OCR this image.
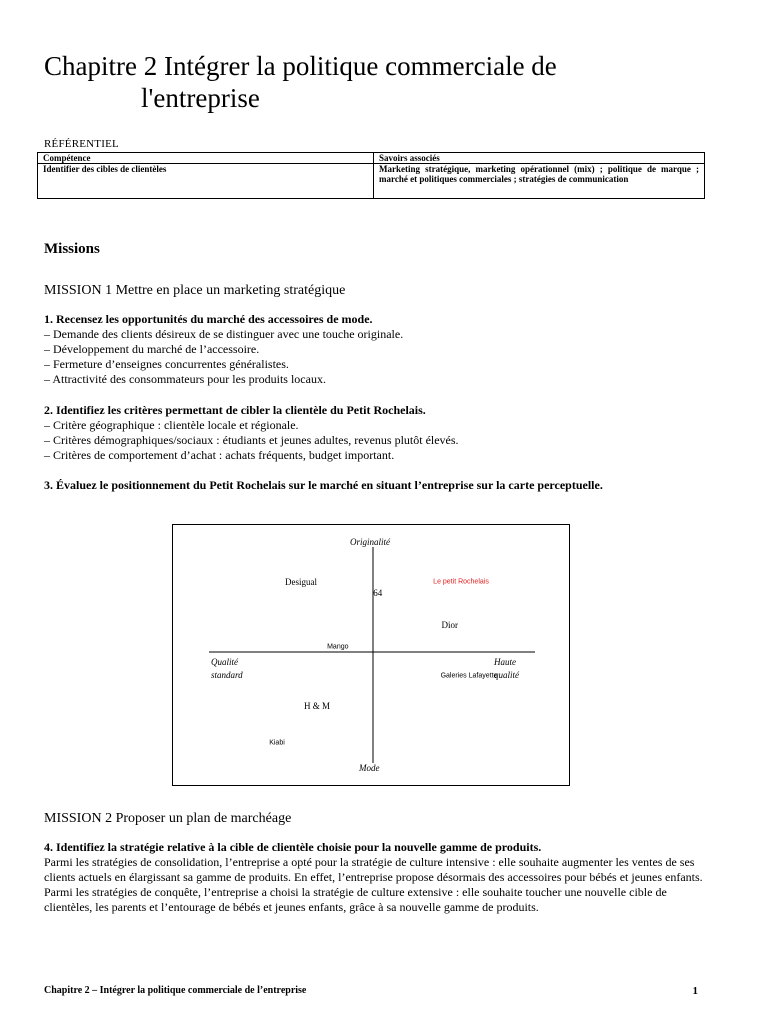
Chapitre 2 Intégrer la politique commerciale de
l'entreprise
RÉFÉRENTIEL
Compétence	Savoirs associés
Identifier des cibles de clientèles	Marketing stratégique, marketing opérationnel (mix) ; politique de marque ; marché et politiques commerciales ; stratégies de communication
Missions
MISSION 1 Mettre en place un marketing stratégique

1. Recensez les opportunités du marché des accessoires de mode.

– Demande des clients désireux de se distinguer avec une touche originale.

– Développement du marché de l’accessoire.

– Fermeture d’enseignes concurrentes généralistes.

– Attractivité des consommateurs pour les produits locaux.

2. Identifiez les critères permettant de cibler la clientèle du Petit Rochelais.

– Critère géographique : clientèle locale et régionale.

– Critères démographiques/sociaux : étudiants et jeunes adultes, revenus plutôt élevés.

– Critères de comportement d’achat : achats fréquents, budget important.

3. Évaluez le positionnement du Petit Rochelais sur le marché en situant l’entreprise sur la carte perceptuelle.

Originalité
Mode
Qualité
standard
Haute
qualité
Desigual
64
Le petit Rochelais
Dior
Mango
Galeries Lafayette
H & M
Kiabi
MISSION 2 Proposer un plan de marchéage

4. Identifiez la stratégie relative à la cible de clientèle choisie pour la nouvelle gamme de produits.

Parmi les stratégies de consolidation, l’entreprise a opté pour la stratégie de culture intensive : elle souhaite augmenter les ventes de ses clients actuels en élargissant sa gamme de produits. En effet, l’entreprise propose désormais des accessoires pour bébés et jeunes enfants.

Parmi les stratégies de conquête, l’entreprise a choisi la stratégie de culture extensive : elle souhaite toucher une nouvelle cible de clientèles, les parents et l’entourage de bébés et jeunes enfants, grâce à sa nouvelle gamme de produits.

Chapitre 2 – Intégrer la politique commerciale de l’entreprise	1
